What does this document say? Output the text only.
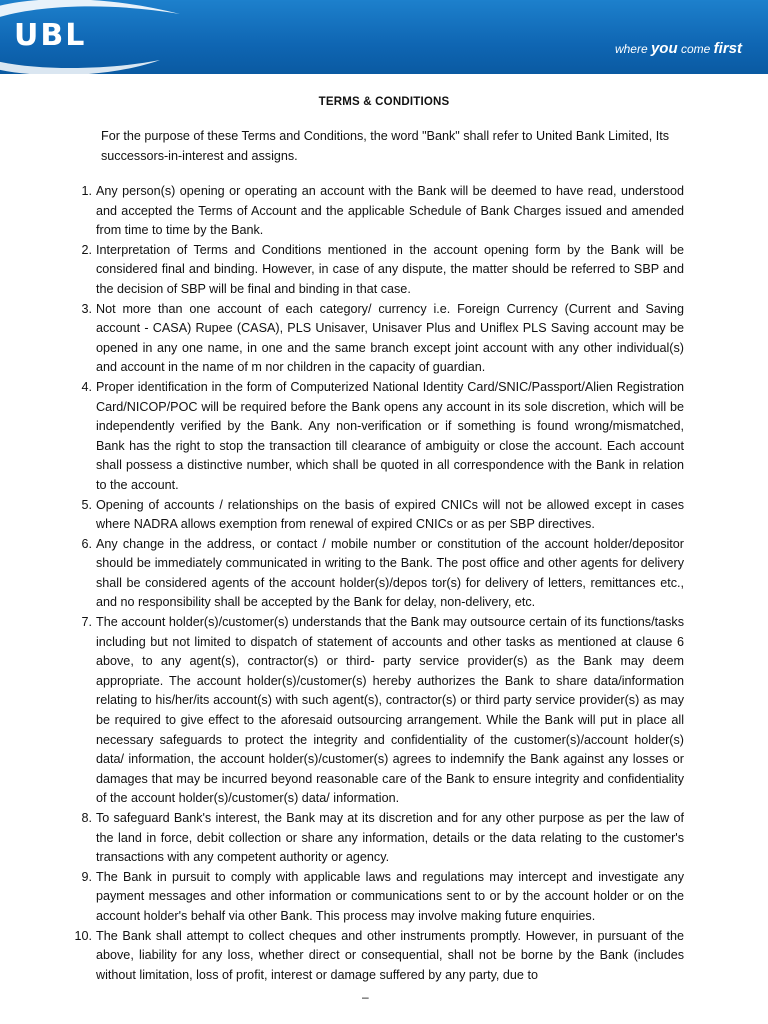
UBL	where you come first
TERMS & CONDITIONS
For the purpose of these Terms and Conditions, the word "Bank" shall refer to United Bank Limited, Its successors-in-interest and assigns.
1. Any person(s) opening or operating an account with the Bank will be deemed to have read, understood and accepted the Terms of Account and the applicable Schedule of Bank Charges issued and amended from time to time by the Bank.
2. Interpretation of Terms and Conditions mentioned in the account opening form by the Bank will be considered final and binding. However, in case of any dispute, the matter should be referred to SBP and the decision of SBP will be final and binding in that case.
3. Not more than one account of each category/ currency i.e. Foreign Currency (Current and Saving account - CASA) Rupee (CASA), PLS Unisaver, Unisaver Plus and Uniflex PLS Saving account may be opened in any one name, in one and the same branch except joint account with any other individual(s) and account in the name of m nor children in the capacity of guardian.
4. Proper identification in the form of Computerized National Identity Card/SNIC/Passport/Alien Registration Card/NICOP/POC will be required before the Bank opens any account in its sole discretion, which will be independently verified by the Bank. Any non-verification or if something is found wrong/mismatched, Bank has the right to stop the transaction till clearance of ambiguity or close the account. Each account shall possess a distinctive number, which shall be quoted in all correspondence with the Bank in relation to the account.
5. Opening of accounts / relationships on the basis of expired CNICs will not be allowed except in cases where NADRA allows exemption from renewal of expired CNICs or as per SBP directives.
6. Any change in the address, or contact / mobile number or constitution of the account holder/depositor should be immediately communicated in writing to the Bank. The post office and other agents for delivery shall be considered agents of the account holder(s)/depos tor(s) for delivery of letters, remittances etc., and no responsibility shall be accepted by the Bank for delay, non-delivery, etc.
7. The account holder(s)/customer(s) understands that the Bank may outsource certain of its functions/tasks including but not limited to dispatch of statement of accounts and other tasks as mentioned at clause 6 above, to any agent(s), contractor(s) or third- party service provider(s) as the Bank may deem appropriate. The account holder(s)/customer(s) hereby authorizes the Bank to share data/information relating to his/her/its account(s) with such agent(s), contractor(s) or third party service provider(s) as may be required to give effect to the aforesaid outsourcing arrangement. While the Bank will put in place all necessary safeguards to protect the integrity and confidentiality of the customer(s)/account holder(s) data/ information, the account holder(s)/customer(s) agrees to indemnify the Bank against any losses or damages that may be incurred beyond reasonable care of the Bank to ensure integrity and confidentiality of the account holder(s)/customer(s) data/ information.
8. To safeguard Bank's interest, the Bank may at its discretion and for any other purpose as per the law of the land in force, debit collection or share any information, details or the data relating to the customer's transactions with any competent authority or agency.
9. The Bank in pursuit to comply with applicable laws and regulations may intercept and investigate any payment messages and other information or communications sent to or by the account holder or on the account holder's behalf via other Bank. This process may involve making future enquiries.
10. The Bank shall attempt to collect cheques and other instruments promptly. However, in pursuant of the above, liability for any loss, whether direct or consequential, shall not be borne by the Bank (includes without limitation, loss of profit, interest or damage suffered by any party, due to
–
